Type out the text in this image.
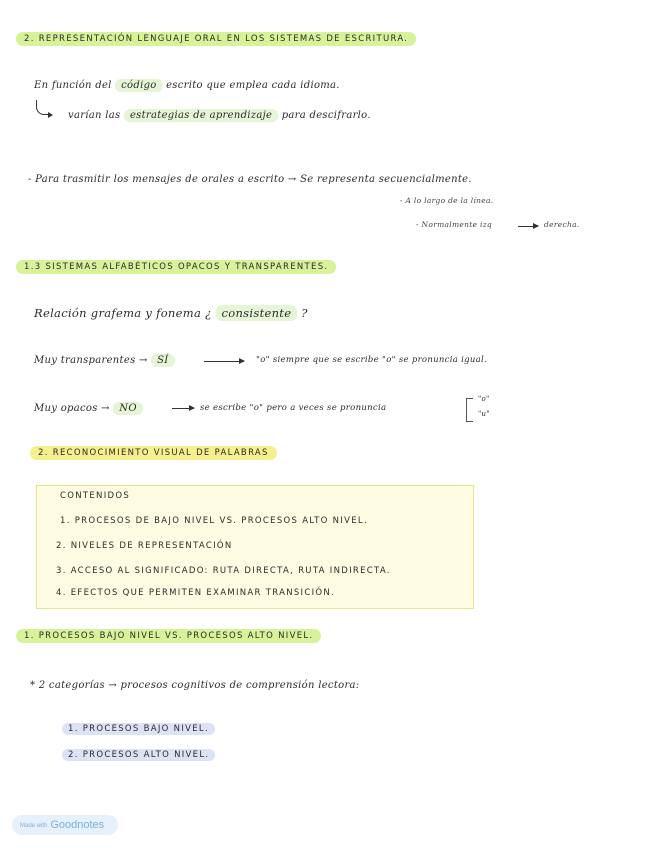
2. REPRESENTACIÓN LENGUAJE ORAL EN LOS SISTEMAS DE ESCRITURA.
En función del código escrito que emplea cada idioma.
varían las estrategias de aprendizaje para descifrarlo.
- Para trasmitir los mensajes de orales a escrito → Se representa secuencialmente.
- A lo largo de la línea.
- Normalmente izq	derecha.
1.3 SISTEMAS ALFABÉTICOS OPACOS Y TRANSPARENTES.
Relación grafema y fonema ¿ consistente ?
Muy transparentes → SÍ	"o" siempre que se escribe "o" se pronuncia igual.
Muy opacos → NO	se escribe "o" pero a veces se pronuncia
"o"
"u"
2. RECONOCIMIENTO VISUAL DE PALABRAS
CONTENIDOS
1. PROCESOS DE BAJO NIVEL VS. PROCESOS ALTO NIVEL.
2. NIVELES DE REPRESENTACIÓN
3. ACCESO AL SIGNIFICADO: RUTA DIRECTA, RUTA INDIRECTA.
4. EFECTOS QUE PERMITEN EXAMINAR TRANSICIÓN.
1. PROCESOS BAJO NIVEL VS. PROCESOS ALTO NIVEL.
* 2 categorías → procesos cognitivos de comprensión lectora:
1. PROCESOS BAJO NIVEL.
2. PROCESOS ALTO NIVEL.
Made with Goodnotes
